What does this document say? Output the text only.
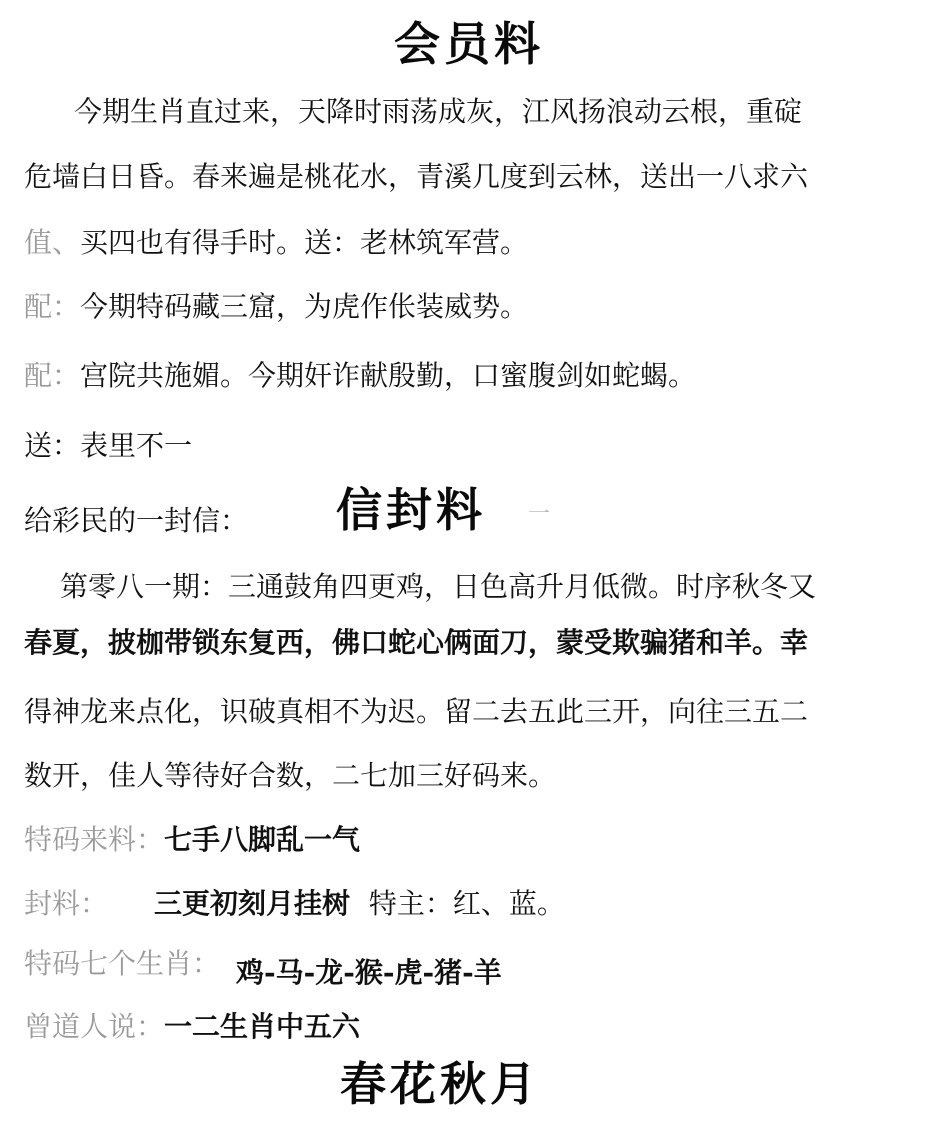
会员料
今期生肖直过来，天降时雨荡成灰，江风扬浪动云根，重碇
危墙白日昏。春来遍是桃花水，青溪几度到云林，送出一八求六
值、买四也有得手时。送：老林筑军营。
配：今期特码藏三窟，为虎作伥装威势。
配：宫院共施媚。今期奸诈献殷勤，口蜜腹剑如蛇蝎。
送：表里不一
给彩民的一封信：	信封料	一
第零八一期：三通鼓角四更鸡，日色高升月低微。时序秋冬又
春夏，披枷带锁东复西，佛口蛇心俩面刀，蒙受欺骗猪和羊。幸
得神龙来点化，识破真相不为迟。留二去五此三开，向往三五二
数开，佳人等待好合数，二七加三好码来。
特码来料：七手八脚乱一气
封料： 三更初刻月挂树 特主：红、蓝。
特码七个生肖： 鸡-马-龙-猴-虎-猪-羊
曾道人说：一二生肖中五六
春花秋月
